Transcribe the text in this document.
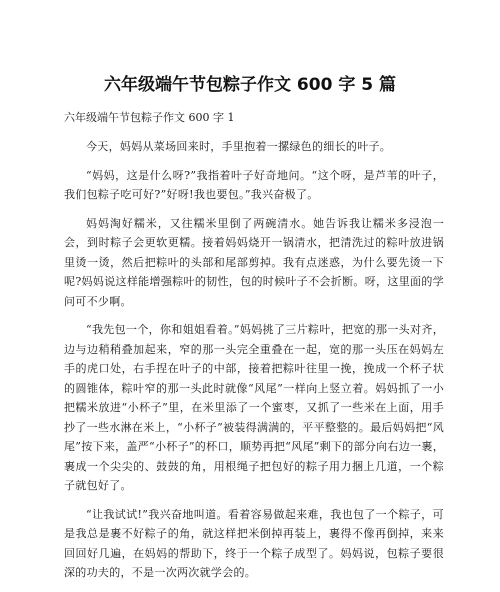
六年级端午节包粽子作文 600 字 5 篇

六年级端午节包粽子作文 600 字 1

今天，妈妈从菜场回来时，手里抱着一摞绿色的细长的叶子。

“妈妈，这是什么呀?”我指着叶子好奇地问。“这个呀，是芦苇的叶子，我们包粽子吃可好?”好呀!我也要包。”我兴奋极了。

妈妈淘好糯米，又往糯米里倒了两碗清水。她告诉我让糯米多浸泡一会，到时粽子会更软更糯。接着妈妈烧开一锅清水，把清洗过的粽叶放进锅里烫一烫，然后把粽叶的头部和尾部剪掉。我有点迷惑，为什么要先烫一下呢?妈妈说这样能增强粽叶的韧性，包的时候叶子不会折断。呀，这里面的学问可不少啊。

“我先包一个，你和姐姐看着。”妈妈挑了三片粽叶，把宽的那一头对齐，边与边稍稍叠加起来，窄的那一头完全重叠在一起，宽的那一头压在妈妈左手的虎口处，右手捏在叶子的中部，接着把粽叶往里一挽，挽成一个杯子状的圆锥体，粽叶窄的那一头此时就像“风尾”一样向上竖立着。妈妈抓了一小把糯米放进“小杯子”里，在米里添了一个蜜枣，又抓了一些米在上面，用手抄了一些水淋在米上，“小杯子”被装得满满的，平平整整的。最后妈妈把“风尾”按下来，盖严“小杯子”的杯口，顺势再把“风尾”剩下的部分向右边一裹，裹成一个尖尖的、鼓鼓的角，用根绳子把包好的粽子用力捆上几道，一个粽子就包好了。

“让我试试!”我兴奋地叫道。看着容易做起来难，我也包了一个粽子，可是我总是裹不好粽子的角，就这样把米倒掉再装上，裹得不像再倒掉，来来回回好几遍，在妈妈的帮助下，终于一个粽子成型了。妈妈说，包粽子要很深的功夫的，不是一次两次就学会的。
